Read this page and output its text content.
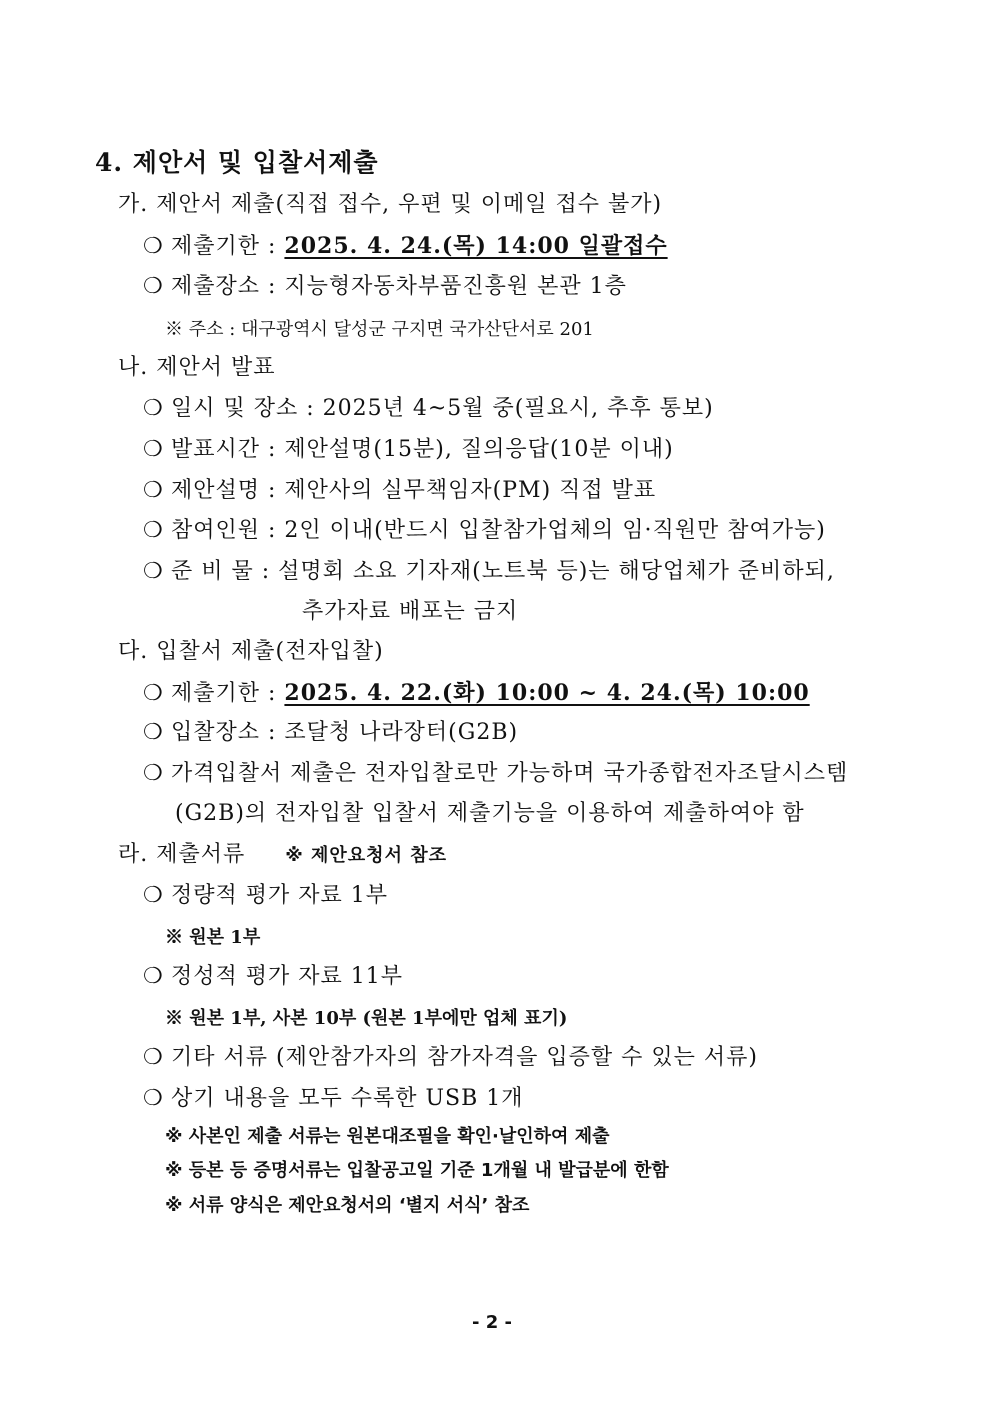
4. 제안서 및 입찰서제출
가. 제안서 제출(직접 접수, 우편 및 이메일 접수 불가)
❍ 제출기한 : 2025. 4. 24.(목) 14:00 일괄접수
❍ 제출장소 : 지능형자동차부품진흥원 본관 1층
※ 주소 : 대구광역시 달성군 구지면 국가산단서로 201
나. 제안서 발표
❍ 일시 및 장소 : 2025년 4~5월 중(필요시, 추후 통보)
❍ 발표시간 : 제안설명(15분), 질의응답(10분 이내)
❍ 제안설명 : 제안사의 실무책임자(PM) 직접 발표
❍ 참여인원 : 2인 이내(반드시 입찰참가업체의 임·직원만 참여가능)
❍ 준 비 물 : 설명회 소요 기자재(노트북 등)는 해당업체가 준비하되,
추가자료 배포는 금지
다. 입찰서 제출(전자입찰)
❍ 제출기한 : 2025. 4. 22.(화) 10:00 ~ 4. 24.(목) 10:00
❍ 입찰장소 : 조달청 나라장터(G2B)
❍ 가격입찰서 제출은 전자입찰로만 가능하며 국가종합전자조달시스템
(G2B)의 전자입찰 입찰서 제출기능을 이용하여 제출하여야 함
라. 제출서류 ※ 제안요청서 참조
❍ 정량적 평가 자료 1부
※ 원본 1부
❍ 정성적 평가 자료 11부
※ 원본 1부, 사본 10부 (원본 1부에만 업체 표기)
❍ 기타 서류 (제안참가자의 참가자격을 입증할 수 있는 서류)
❍ 상기 내용을 모두 수록한 USB 1개
※ 사본인 제출 서류는 원본대조필을 확인·날인하여 제출
※ 등본 등 증명서류는 입찰공고일 기준 1개월 내 발급분에 한함
※ 서류 양식은 제안요청서의 ‘별지 서식’ 참조
- 2 -
